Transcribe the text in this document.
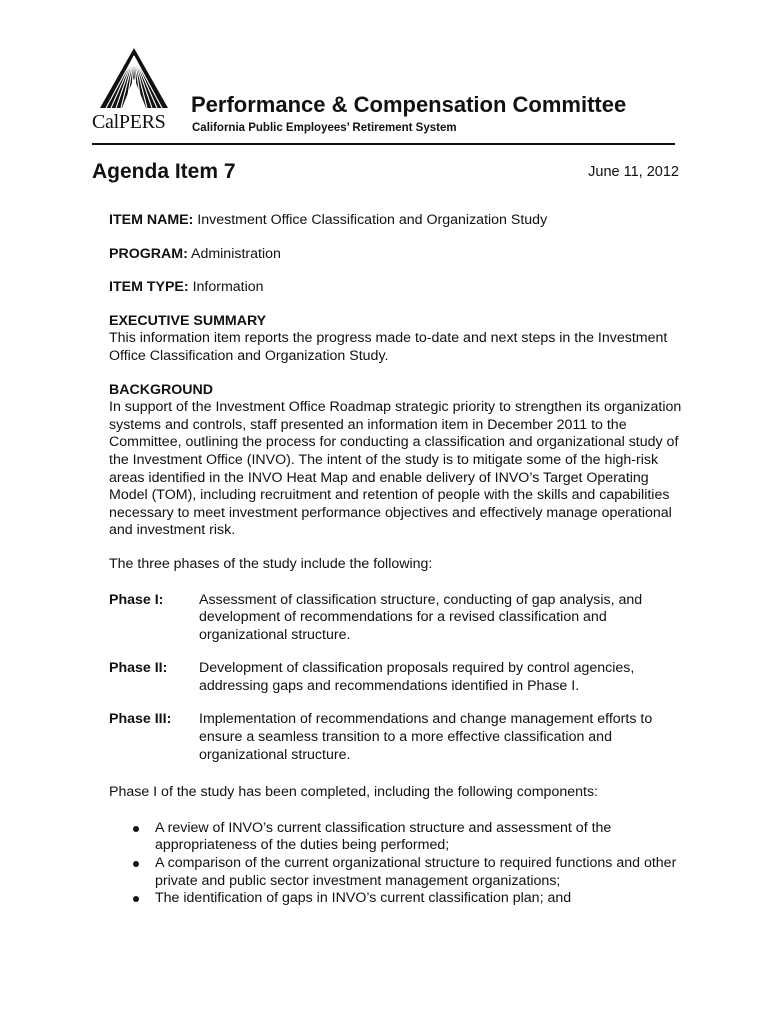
CalPERS
Performance & Compensation Committee
California Public Employees’ Retirement System
Agenda Item 7	June 11, 2012

ITEM NAME: Investment Office Classification and Organization Study

PROGRAM: Administration

ITEM TYPE: Information

EXECUTIVE SUMMARY
This information item reports the progress made to-date and next steps in the Investment Office Classification and Organization Study.

BACKGROUND
In support of the Investment Office Roadmap strategic priority to strengthen its organization systems and controls, staff presented an information item in December 2011 to the Committee, outlining the process for conducting a classification and organizational study of the Investment Office (INVO). The intent of the study is to mitigate some of the high-risk areas identified in the INVO Heat Map and enable delivery of INVO’s Target Operating Model (TOM), including recruitment and retention of people with the skills and capabilities necessary to meet investment performance objectives and effectively manage operational and investment risk.

The three phases of the study include the following:

Phase I:	Assessment of classification structure, conducting of gap analysis, and development of recommendations for a revised classification and organizational structure.
Phase II:	Development of classification proposals required by control agencies, addressing gaps and recommendations identified in Phase I.
Phase III:	Implementation of recommendations and change management efforts to ensure a seamless transition to a more effective classification and organizational structure.

Phase I of the study has been completed, including the following components:

A review of INVO’s current classification structure and assessment of the appropriateness of the duties being performed;
A comparison of the current organizational structure to required functions and other private and public sector investment management organizations;
The identification of gaps in INVO’s current classification plan; and
